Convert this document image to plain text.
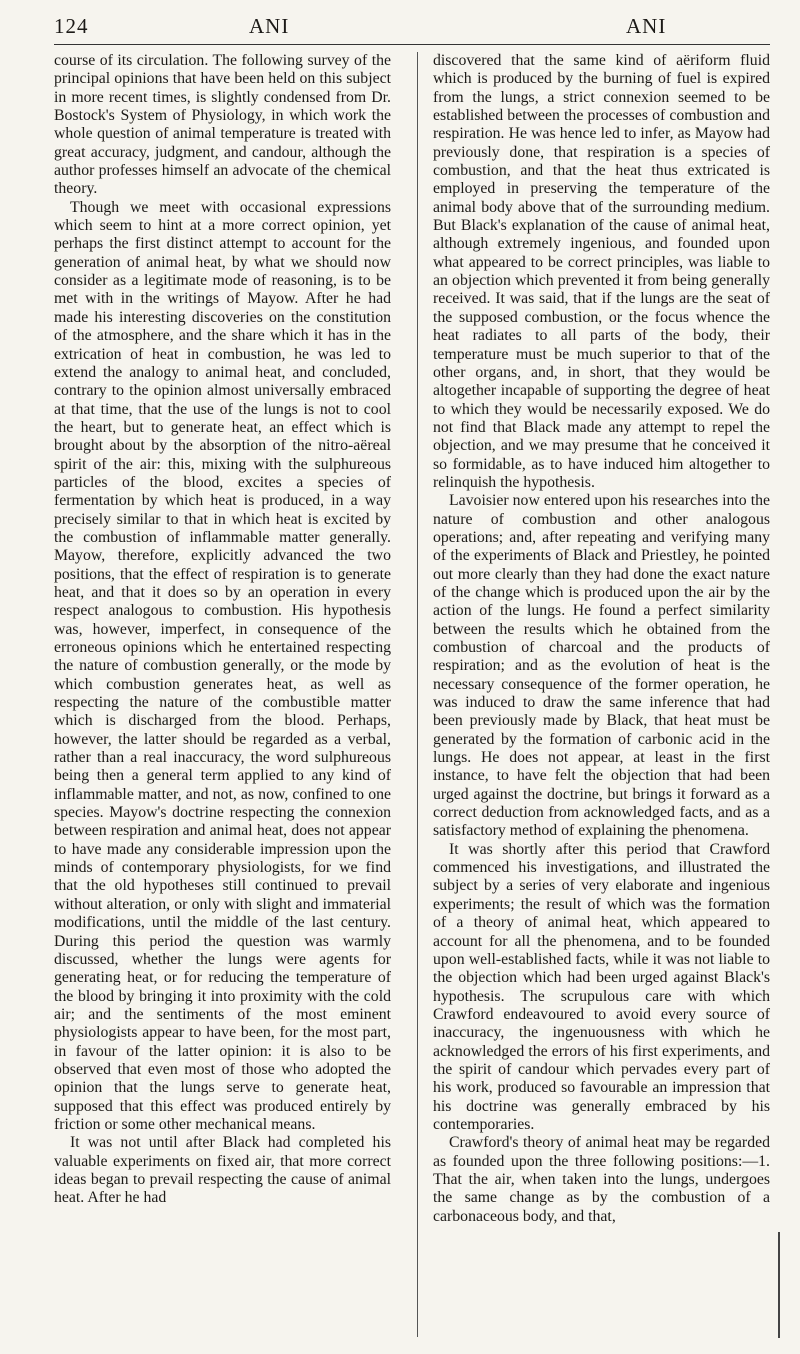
124	ANI	ANI

course of its circulation. The following survey of the principal opinions that have been held on this subject in more recent times, is slightly condensed from Dr. Bostock's System of Physiology, in which work the whole question of animal temperature is treated with great accuracy, judgment, and candour, although the author professes himself an advocate of the chemical theory.

Though we meet with occasional expressions which seem to hint at a more correct opinion, yet perhaps the first distinct attempt to account for the generation of animal heat, by what we should now consider as a legitimate mode of reasoning, is to be met with in the writings of Mayow. After he had made his interesting discoveries on the constitution of the atmosphere, and the share which it has in the extrication of heat in combustion, he was led to extend the analogy to animal heat, and concluded, contrary to the opinion almost universally embraced at that time, that the use of the lungs is not to cool the heart, but to generate heat, an effect which is brought about by the absorption of the nitro-aëreal spirit of the air: this, mixing with the sulphureous particles of the blood, excites a species of fermentation by which heat is produced, in a way precisely similar to that in which heat is excited by the combustion of inflammable matter generally. Mayow, therefore, explicitly advanced the two positions, that the effect of respiration is to generate heat, and that it does so by an operation in every respect analogous to combustion. His hypothesis was, however, imperfect, in consequence of the erroneous opinions which he entertained respecting the nature of combustion generally, or the mode by which combustion generates heat, as well as respecting the nature of the combustible matter which is discharged from the blood. Perhaps, however, the latter should be regarded as a verbal, rather than a real inaccuracy, the word sulphureous being then a general term applied to any kind of inflammable matter, and not, as now, confined to one species. Mayow's doctrine respecting the connexion between respiration and animal heat, does not appear to have made any considerable impression upon the minds of contemporary physiologists, for we find that the old hypotheses still continued to prevail without alteration, or only with slight and immaterial modifications, until the middle of the last century. During this period the question was warmly discussed, whether the lungs were agents for generating heat, or for reducing the temperature of the blood by bringing it into proximity with the cold air; and the sentiments of the most eminent physiologists appear to have been, for the most part, in favour of the latter opinion: it is also to be observed that even most of those who adopted the opinion that the lungs serve to generate heat, supposed that this effect was produced entirely by friction or some other mechanical means.

It was not until after Black had completed his valuable experiments on fixed air, that more correct ideas began to prevail respecting the cause of animal heat. After he had

discovered that the same kind of aëriform fluid which is produced by the burning of fuel is expired from the lungs, a strict connexion seemed to be established between the processes of combustion and respiration. He was hence led to infer, as Mayow had previously done, that respiration is a species of combustion, and that the heat thus extricated is employed in preserving the temperature of the animal body above that of the surrounding medium. But Black's explanation of the cause of animal heat, although extremely ingenious, and founded upon what appeared to be correct principles, was liable to an objection which prevented it from being generally received. It was said, that if the lungs are the seat of the supposed combustion, or the focus whence the heat radiates to all parts of the body, their temperature must be much superior to that of the other organs, and, in short, that they would be altogether incapable of supporting the degree of heat to which they would be necessarily exposed. We do not find that Black made any attempt to repel the objection, and we may presume that he conceived it so formidable, as to have induced him altogether to relinquish the hypothesis.

Lavoisier now entered upon his researches into the nature of combustion and other analogous operations; and, after repeating and verifying many of the experiments of Black and Priestley, he pointed out more clearly than they had done the exact nature of the change which is produced upon the air by the action of the lungs. He found a perfect similarity between the results which he obtained from the combustion of charcoal and the products of respiration; and as the evolution of heat is the necessary consequence of the former operation, he was induced to draw the same inference that had been previously made by Black, that heat must be generated by the formation of carbonic acid in the lungs. He does not appear, at least in the first instance, to have felt the objection that had been urged against the doctrine, but brings it forward as a correct deduction from acknowledged facts, and as a satisfactory method of explaining the phenomena.

It was shortly after this period that Crawford commenced his investigations, and illustrated the subject by a series of very elaborate and ingenious experiments; the result of which was the formation of a theory of animal heat, which appeared to account for all the phenomena, and to be founded upon well-established facts, while it was not liable to the objection which had been urged against Black's hypothesis. The scrupulous care with which Crawford endeavoured to avoid every source of inaccuracy, the ingenuousness with which he acknowledged the errors of his first experiments, and the spirit of candour which pervades every part of his work, produced so favourable an impression that his doctrine was generally embraced by his contemporaries.

Crawford's theory of animal heat may be regarded as founded upon the three following positions:—1. That the air, when taken into the lungs, undergoes the same change as by the combustion of a carbonaceous body, and that,
